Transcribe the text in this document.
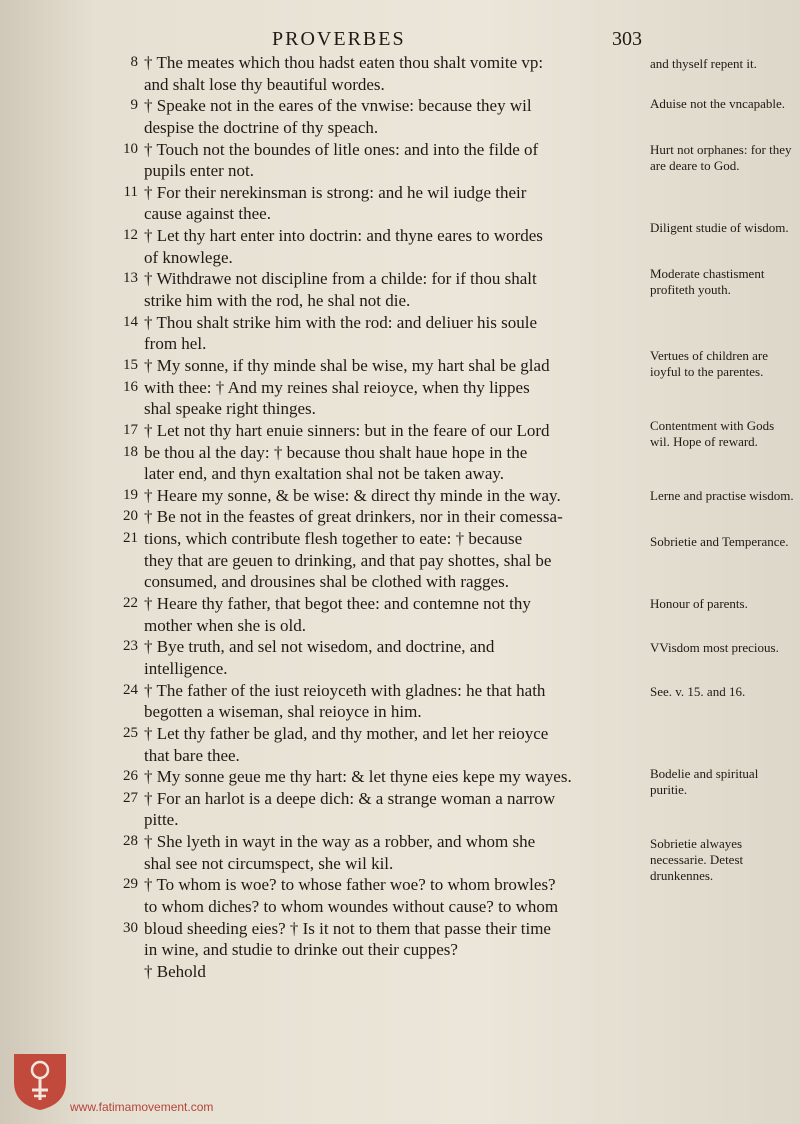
PROVERBES	303
8 † The meates which thou hadst eaten thou shalt vomite vp:
and shalt lose thy beautiful wordes.
9 † Speake not in the eares of the vnwise: because they wil
despise the doctrine of thy speach.
10 † Touch not the boundes of litle ones: and into the filde of
pupils enter not.
11 † For their nerekinsman is strong: and he wil iudge their
cause against thee.
12 † Let thy hart enter into doctrin: and thyne eares to wordes
of knowlege.
13 † Withdrawe not discipline from a childe: for if thou shalt
strike him with the rod, he shal not die.
14 † Thou shalt strike him with the rod: and deliuer his soule
from hel.
15 † My sonne, if thy minde shal be wise, my hart shal be glad
16 with thee: † And my reines shal reioyce, when thy lippes
shal speake right thinges.
17 † Let not thy hart enuie sinners: but in the feare of our Lord
18 be thou al the day: † because thou shalt haue hope in the
later end, and thyn exaltation shal not be taken away.
19 † Heare my sonne, & be wise: & direct thy minde in the way.
20 † Be not in the feastes of great drinkers, nor in their comessa-
21 tions, which contribute flesh together to eate: † because
they that are geuen to drinking, and that pay shottes, shal be
consumed, and drousines shal be clothed with ragges.
22 † Heare thy father, that begot thee: and contemne not thy
mother when she is old.
23 † Bye truth, and sel not wisedom, and doctrine, and
intelligence.
24 † The father of the iust reioyceth with gladnes: he that hath
begotten a wiseman, shal reioyce in him.
25 † Let thy father be glad, and thy mother, and let her reioyce
that bare thee.
26 † My sonne geue me thy hart: & let thyne eies kepe my wayes.
27 † For an harlot is a deepe dich: & a strange woman a narrow
pitte.
28 † She lyeth in wayt in the way as a robber, and whom she
shal see not circumspect, she wil kil.
29 † To whom is woe? to whose father woe? to whom browles?
to whom diches? to whom woundes without cause? to whom
30 bloud sheeding eies? † Is it not to them that passe their time
in wine, and studie to drinke out their cuppes?
† Behold
and thyself repent it.
Aduise not the vncapable.
Hurt not orphanes: for they are deare to God.
Diligent studie of wisdom.
Moderate chastisment profiteth youth.
Vertues of children are ioyful to the parentes.
Contentment with Gods wil. Hope of reward.
Lerne and practise wisdom.
Sobrietie and Temperance.
Honour of parents.
VVisdom most precious.
See. v. 15. and 16.
Bodelie and spiritual puritie.
Sobrietie alwayes necessarie. Detest drunkennes.
www.fatimamovement.com
